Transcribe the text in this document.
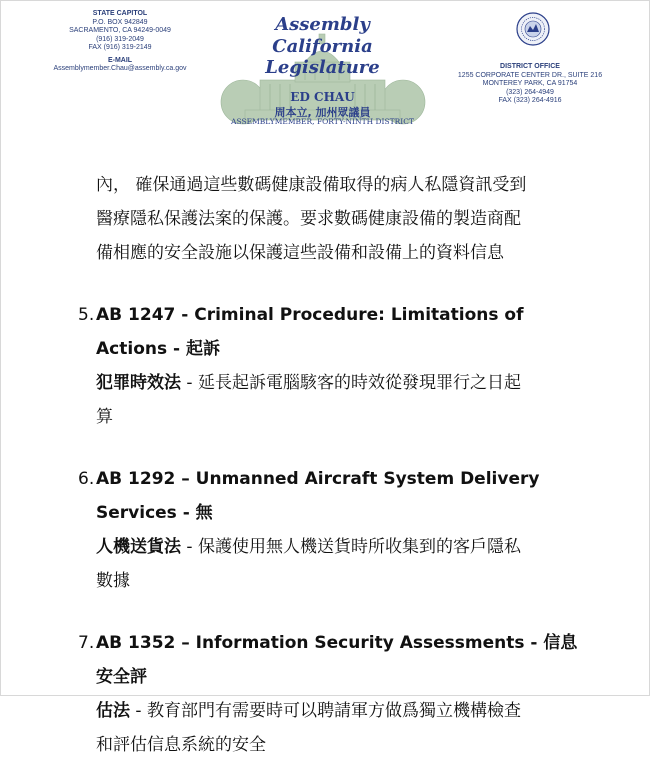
STATE CAPITOL
P.O. BOX 942849
SACRAMENTO, CA 94249-0049
(916) 319-2049
FAX (916) 319-2149
E-MAIL
Assemblymember.Chau@assembly.ca.gov
Assembly
California Legislature
ED CHAU
周本立, 加州眾議員
ASSEMBLYMEMBER, FORTY-NINTH DISTRICT
DISTRICT OFFICE
1255 CORPORATE CENTER DR., SUITE 216
MONTEREY PARK, CA 91754
(323) 264-4949
FAX (323) 264-4916
內， 確保通過這些數碼健康設備取得的病人私隱資訊受到
醫療隱私保護法案的保護。要求數碼健康設備的製造商配
備相應的安全設施以保護這些設備和設備上的資料信息
5. AB 1247 - Criminal Procedure: Limitations of Actions - 起訴
犯罪時效法 - 延長起訴電腦駭客的時效從發現罪行之日起
算
6. AB 1292 – Unmanned Aircraft System Delivery Services - 無
人機送貨法 - 保護使用無人機送貨時所收集到的客戶隱私
數據
7. AB 1352 – Information Security Assessments - 信息安全評
估法 - 教育部門有需要時可以聘請軍方做爲獨立機構檢查
和評估信息系統的安全
